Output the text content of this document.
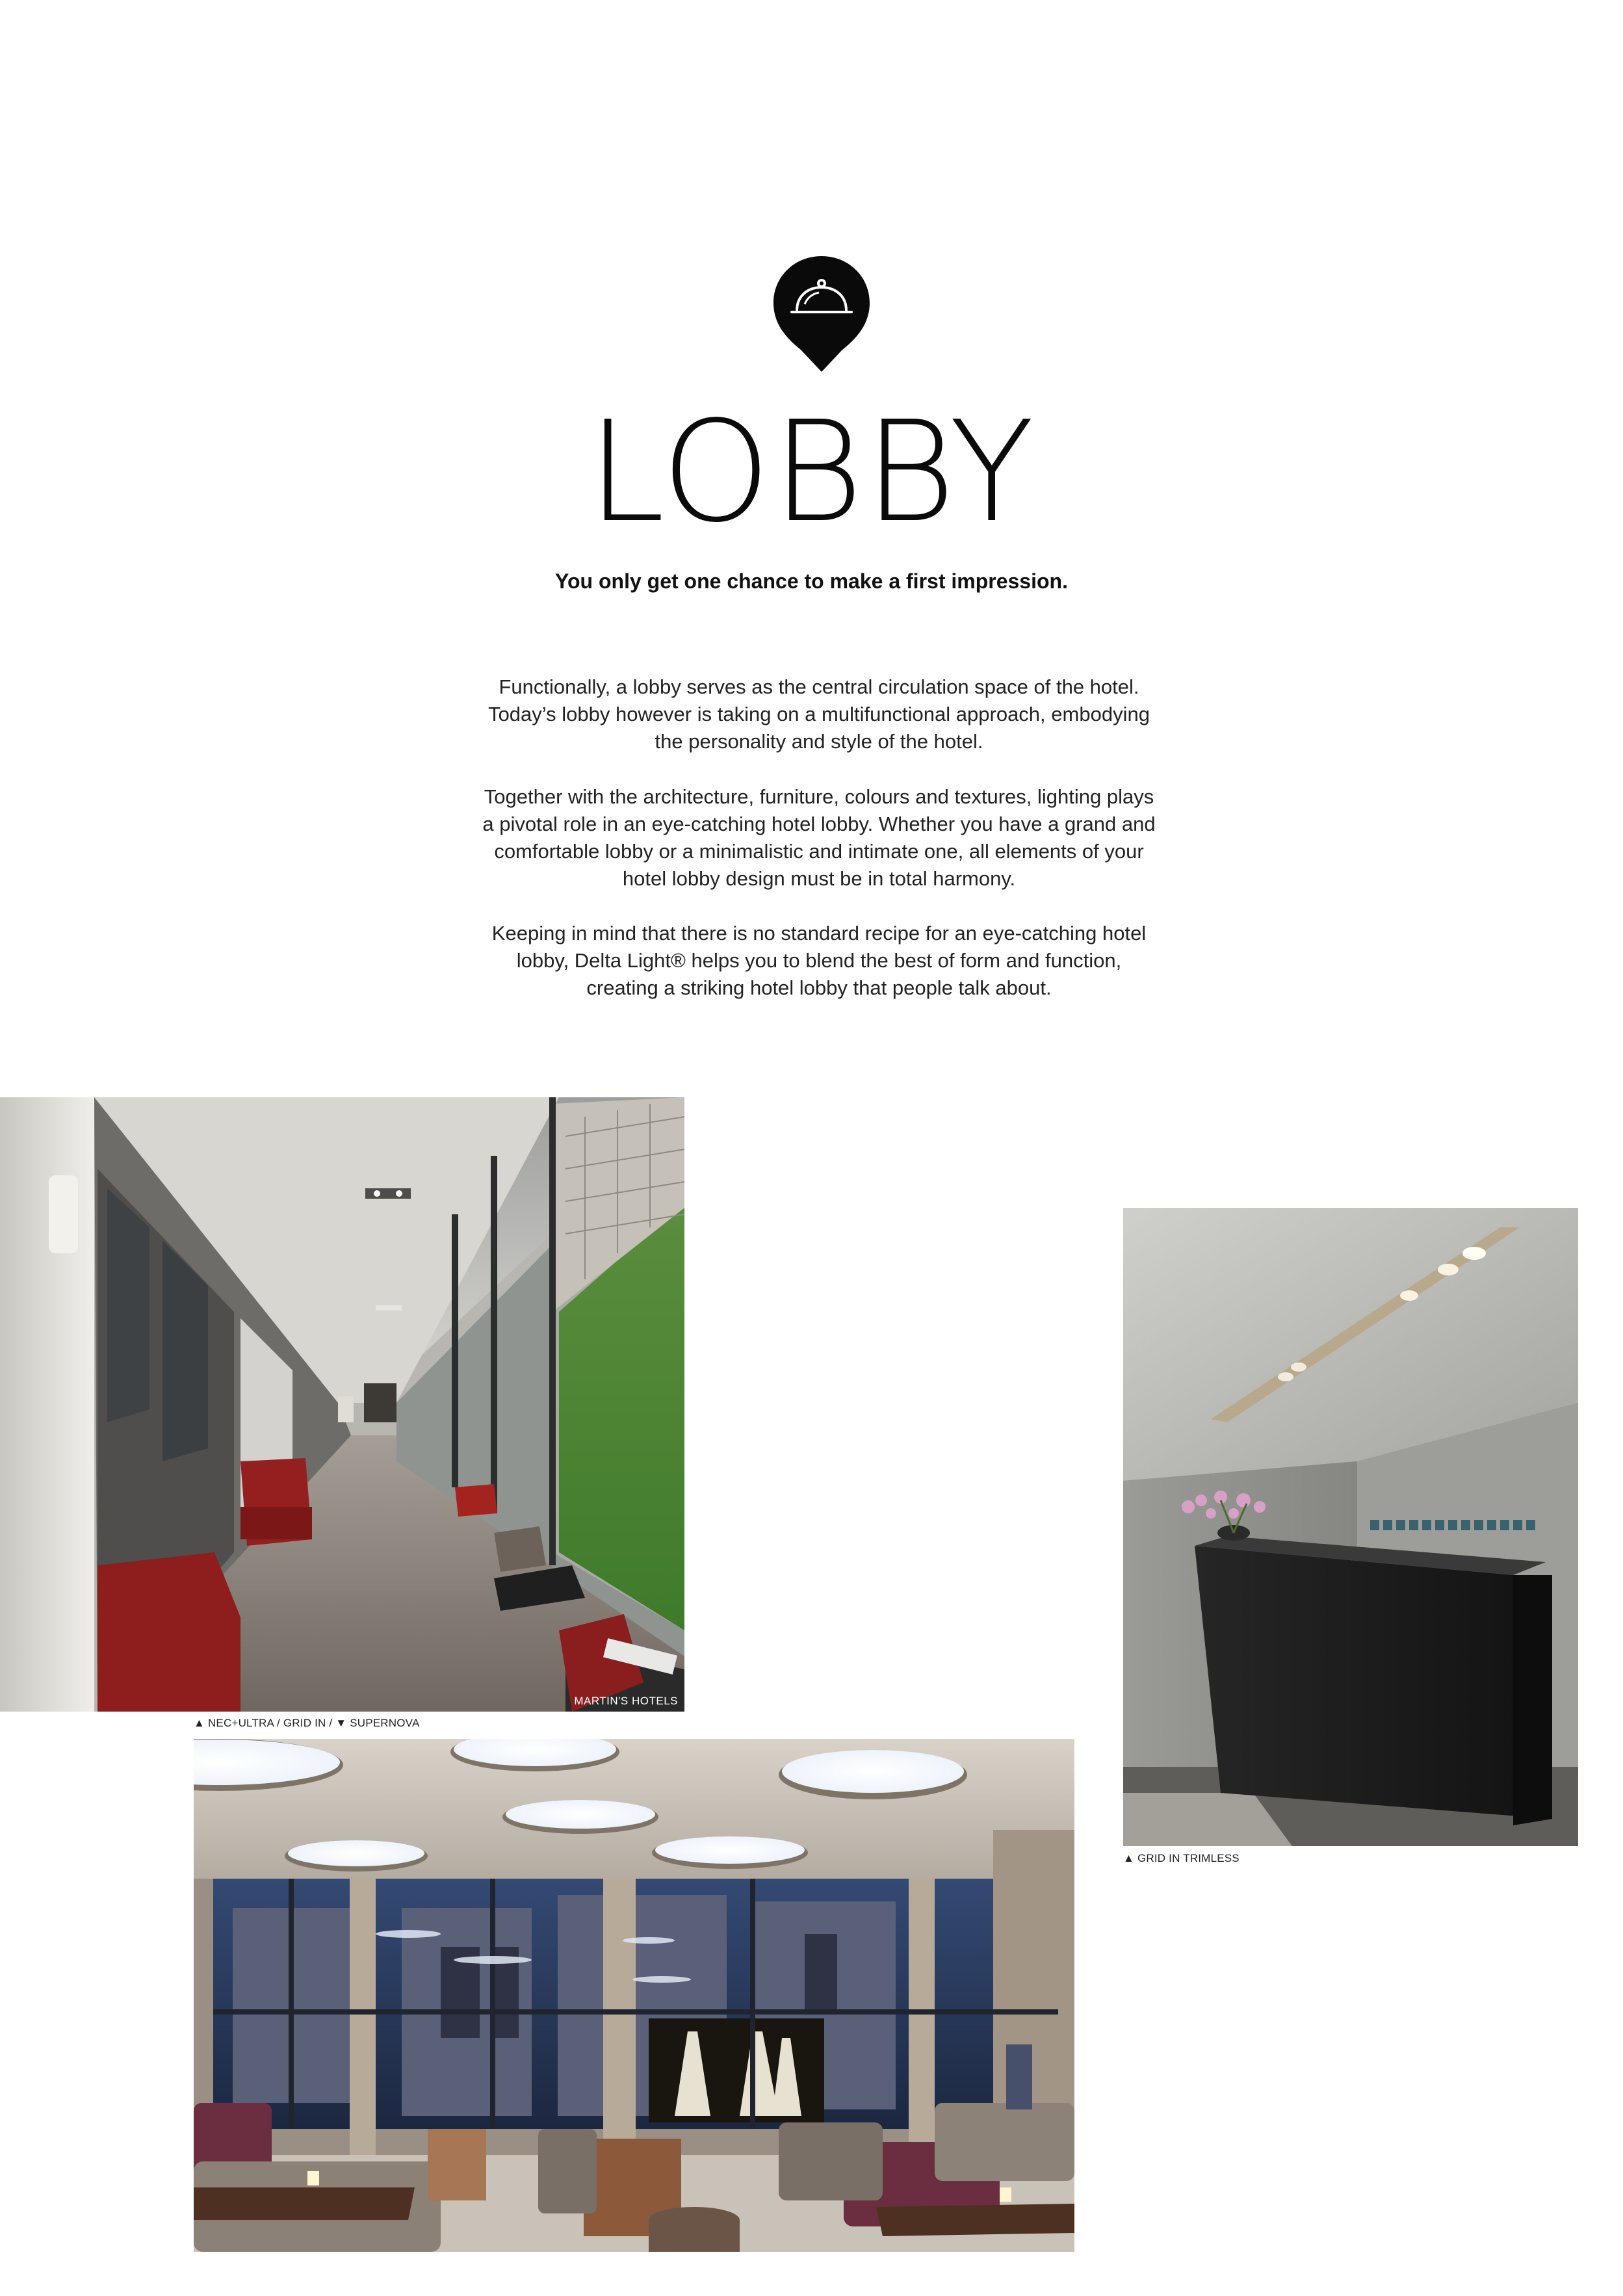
LOBBY
You only get one chance to make a first impression.
Functionally, a lobby serves as the central circulation space of the hotel. Today’s lobby however is taking on a multifunctional approach, embodying the personality and style of the hotel.
Together with the architecture, furniture, colours and textures, lighting plays a pivotal role in an eye-catching hotel lobby. Whether you have a grand and comfortable lobby or a minimalistic and intimate one, all elements of your hotel lobby design must be in total harmony.
Keeping in mind that there is no standard recipe for an eye-catching hotel lobby, Delta Light® helps you to blend the best of form and function, creating a striking hotel lobby that people talk about.
MARTIN'S HOTELS
▲ NEC+ULTRA / GRID IN / ▼ SUPERNOVA
▲ GRID IN TRIMLESS
